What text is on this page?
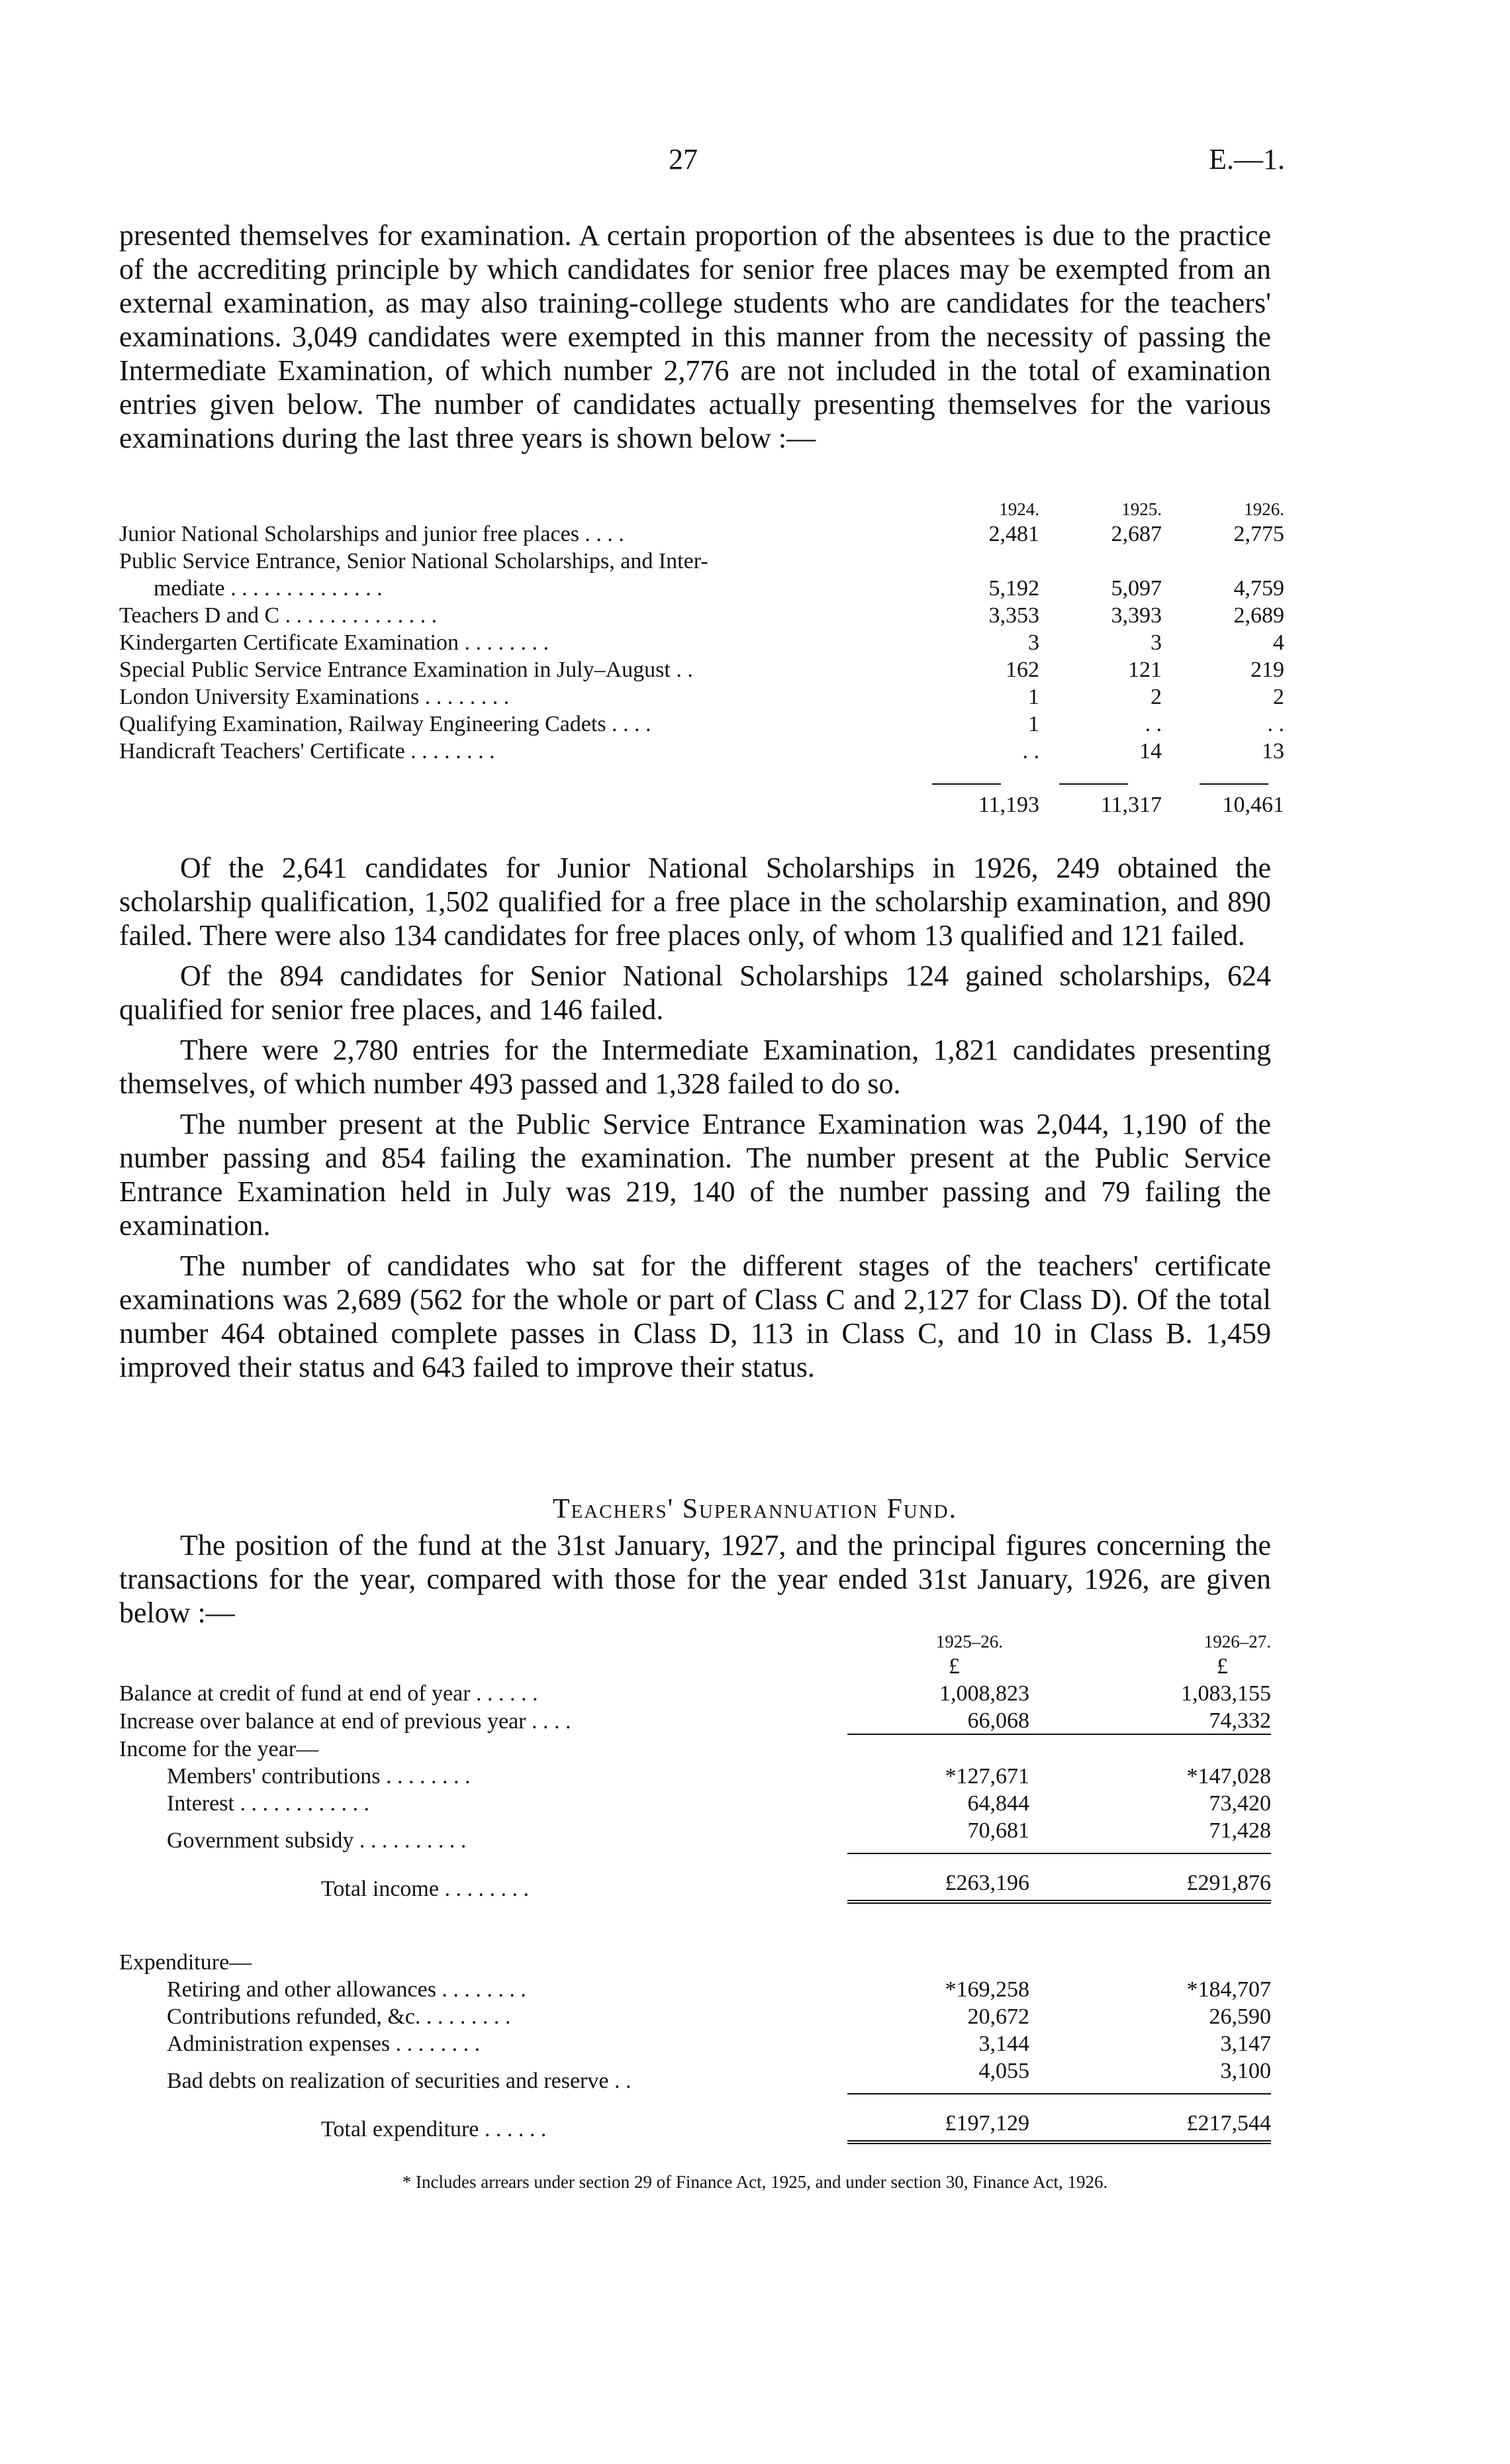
27	E.—1.

presented themselves for examination. A certain proportion of the absentees is due to the practice of the accrediting principle by which candidates for senior free places may be exempted from an external examination, as may also training-college students who are candidates for the teachers' examinations. 3,049 candidates were exempted in this manner from the necessity of passing the Intermediate Examination, of which number 2,776 are not included in the total of examination entries given below. The number of candidates actually presenting themselves for the various examinations during the last three years is shown below :—

	1924.	1925.	1926.
Junior National Scholarships and junior free places . . . .	2,481	2,687	2,775
Public Service Entrance, Senior National Scholarships, and Inter-			
mediate . . . . . . . . . . . . . .	5,192	5,097	4,759
Teachers D and C . . . . . . . . . . . . . .	3,353	3,393	2,689
Kindergarten Certificate Examination . . . . . . . .	3	3	4
Special Public Service Entrance Examination in July–August . .	162	121	219
London University Examinations . . . . . . . .	1	2	2
Qualifying Examination, Railway Engineering Cadets . . . .	1	. .	. .
Handicraft Teachers' Certificate . . . . . . . .	. .	14	13
	11,193	11,317	10,461

Of the 2,641 candidates for Junior National Scholarships in 1926, 249 obtained the scholarship qualification, 1,502 qualified for a free place in the scholarship examination, and 890 failed. There were also 134 candidates for free places only, of whom 13 qualified and 121 failed.

Of the 894 candidates for Senior National Scholarships 124 gained scholarships, 624 qualified for senior free places, and 146 failed.

There were 2,780 entries for the Intermediate Examination, 1,821 candidates presenting themselves, of which number 493 passed and 1,328 failed to do so.

The number present at the Public Service Entrance Examination was 2,044, 1,190 of the number passing and 854 failing the examination. The number present at the Public Service Entrance Examination held in July was 219, 140 of the number passing and 79 failing the examination.

The number of candidates who sat for the different stages of the teachers' certificate examinations was 2,689 (562 for the whole or part of Class C and 2,127 for Class D). Of the total number 464 obtained complete passes in Class D, 113 in Class C, and 10 in Class B. 1,459 improved their status and 643 failed to improve their status.

Teachers' Superannuation Fund.

The position of the fund at the 31st January, 1927, and the principal figures concerning the transactions for the year, compared with those for the year ended 31st January, 1926, are given below :—

	1925–26.	1926–27.
	£	£
Balance at credit of fund at end of year . . . . . .	1,008,823	1,083,155
Increase over balance at end of previous year . . . .	66,068	74,332
Income for the year—		
Members' contributions . . . . . . . .	*127,671	*147,028
Interest . . . . . . . . . . . .	64,844	73,420
Government subsidy . . . . . . . . . .	70,681	71,428
Total income . . . . . . . .	£263,196	£291,876
Expenditure—		
Retiring and other allowances . . . . . . . .	*169,258	*184,707
Contributions refunded, &c. . . . . . . . .	20,672	26,590
Administration expenses . . . . . . . .	3,144	3,147
Bad debts on realization of securities and reserve . .	4,055	3,100
Total expenditure . . . . . .	£197,129	£217,544
* Includes arrears under section 29 of Finance Act, 1925, and under section 30, Finance Act, 1926.
